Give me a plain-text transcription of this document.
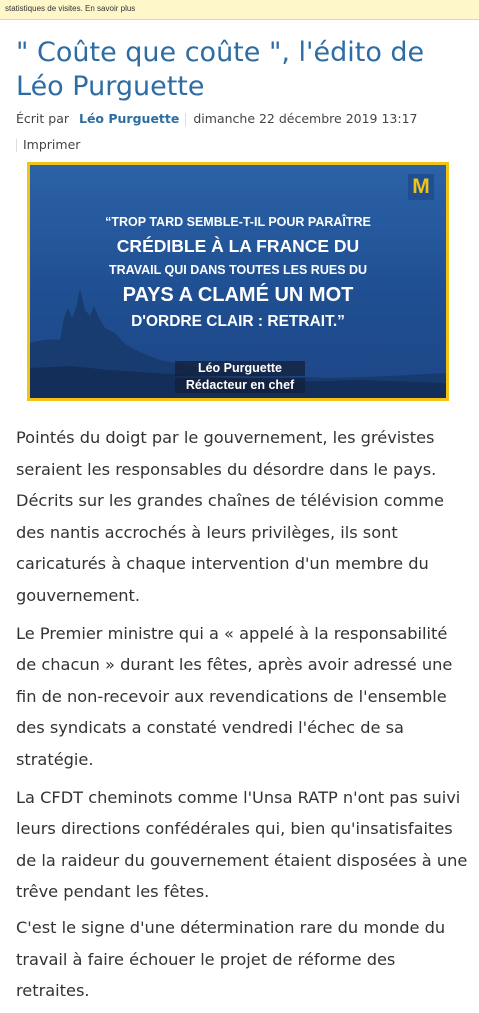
statistiques de visites. En savoir plus
" Coûte que coûte ", l'édito de Léo Purguette
Écrit par Léo Purguette dimanche 22 décembre 2019 13:17
Imprimer
M
“TROP TARD SEMBLE-T-IL POUR PARAÎTRE
CRÉDIBLE À LA FRANCE DU
TRAVAIL QUI DANS TOUTES LES RUES DU
PAYS A CLAMÉ UN MOT
D'ORDRE CLAIR : RETRAIT.”
Léo Purguette
Rédacteur en chef

Pointés du doigt par le gouvernement, les grévistes seraient les responsables du désordre dans le pays. Décrits sur les grandes chaînes de télévision comme des nantis accrochés à leurs privilèges, ils sont caricaturés à chaque intervention d'un membre du gouvernement.

Le Premier ministre qui a « appelé à la responsabilité de chacun » durant les fêtes, après avoir adressé une fin de non-recevoir aux revendications de l'ensemble des syndicats a constaté vendredi l'échec de sa stratégie.

La CFDT cheminots comme l'Unsa RATP n'ont pas suivi leurs directions confédérales qui, bien qu'insatisfaites de la raideur du gouvernement étaient disposées à une trêve pendant les fêtes.

C'est le signe d'une détermination rare du monde du travail à faire échouer le projet de réforme des retraites.
